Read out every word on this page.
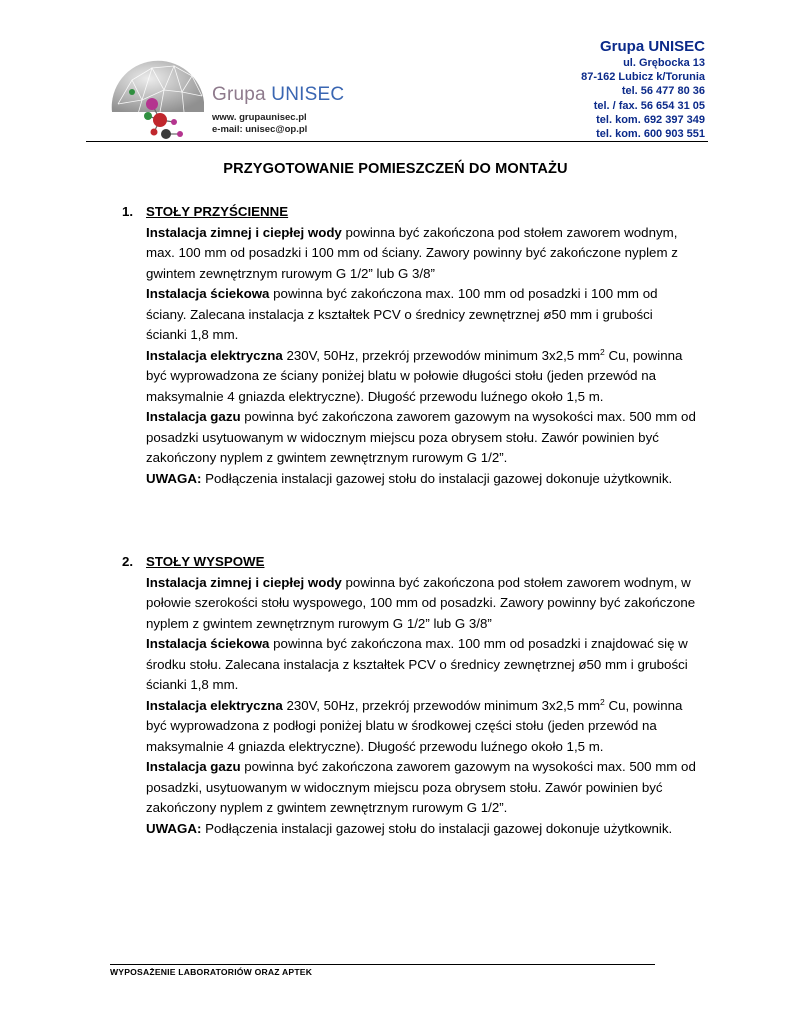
Grupa UNISEC
www. grupaunisec.pl
e-mail: unisec@op.pl
Grupa UNISEC
ul. Grębocka 13
87-162 Lubicz k/Torunia
tel. 56 477 80 36
tel. / fax. 56 654 31 05
tel. kom. 692 397 349
tel. kom. 600 903 551
PRZYGOTOWANIE POMIESZCZEŃ DO MONTAŻU
1. STOŁY PRZYŚCIENNE

Instalacja zimnej i ciepłej wody powinna być zakończona pod stołem zaworem wodnym, max. 100 mm od posadzki i 100 mm od ściany. Zawory powinny być zakończone nyplem z gwintem zewnętrznym rurowym G 1/2” lub G 3/8”

Instalacja ściekowa powinna być zakończona max. 100 mm od posadzki i 100 mm od ściany. Zalecana instalacja z kształtek PCV o średnicy zewnętrznej ø50 mm i grubości ścianki 1,8 mm.

Instalacja elektryczna 230V, 50Hz, przekrój przewodów minimum 3x2,5 $mm^2$ Cu, powinna być wyprowadzona ze ściany poniżej blatu w połowie długości stołu (jeden przewód na maksymalnie 4 gniazda elektryczne). Długość przewodu luźnego około 1,5 m.

Instalacja gazu powinna być zakończona zaworem gazowym na wysokości max. 500 mm od posadzki usytuowanym w widocznym miejscu poza obrysem stołu. Zawór powinien być zakończony nyplem z gwintem zewnętrznym rurowym G 1/2”.

UWAGA: Podłączenia instalacji gazowej stołu do instalacji gazowej dokonuje użytkownik.

2. STOŁY WYSPOWE

Instalacja zimnej i ciepłej wody powinna być zakończona pod stołem zaworem wodnym, w połowie szerokości stołu wyspowego, 100 mm od posadzki. Zawory powinny być zakończone nyplem z gwintem zewnętrznym rurowym G 1/2” lub G 3/8”

Instalacja ściekowa powinna być zakończona max. 100 mm od posadzki i znajdować się w środku stołu. Zalecana instalacja z kształtek PCV o średnicy zewnętrznej ø50 mm i grubości ścianki 1,8 mm.

Instalacja elektryczna 230V, 50Hz, przekrój przewodów minimum 3x2,5 $mm^2$ Cu, powinna być wyprowadzona z podłogi poniżej blatu w środkowej części stołu (jeden przewód na maksymalnie 4 gniazda elektryczne). Długość przewodu luźnego około 1,5 m.

Instalacja gazu powinna być zakończona zaworem gazowym na wysokości max. 500 mm od posadzki, usytuowanym w widocznym miejscu poza obrysem stołu. Zawór powinien być zakończony nyplem z gwintem zewnętrznym rurowym G 1/2”.

UWAGA: Podłączenia instalacji gazowej stołu do instalacji gazowej dokonuje użytkownik.

WYPOSAŻENIE LABORATORIÓW ORAZ APTEK
